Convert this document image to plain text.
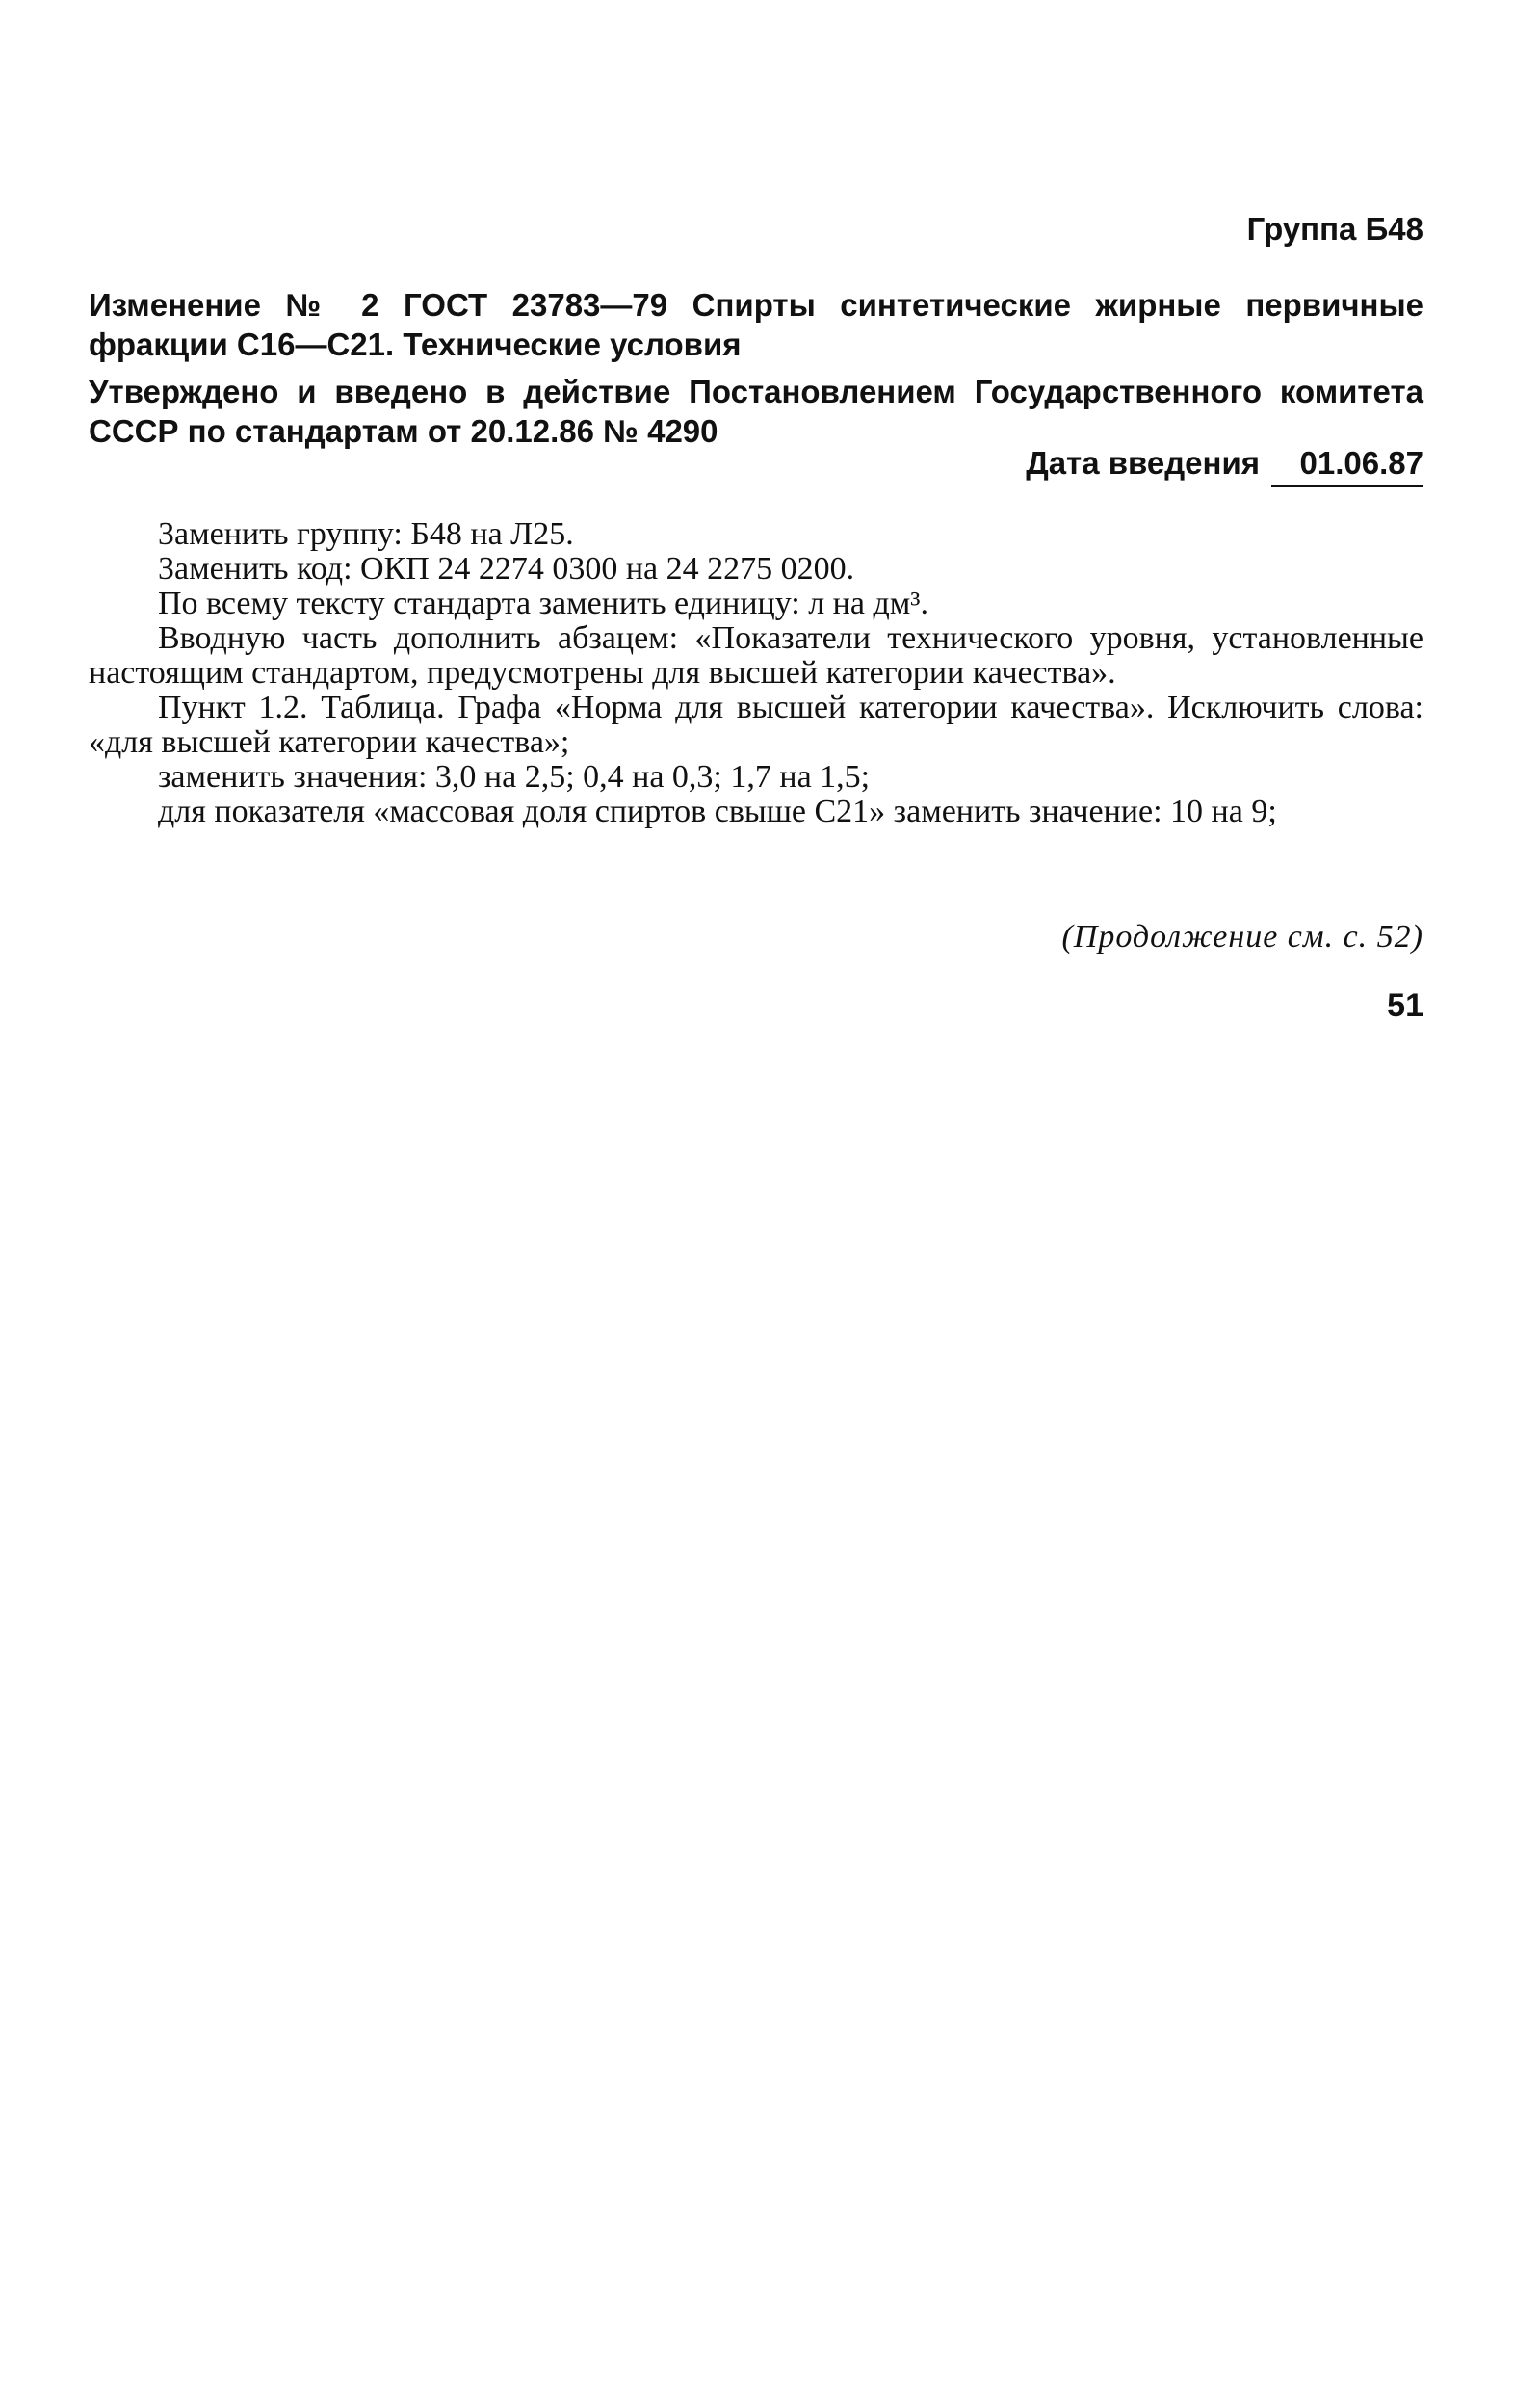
Группа Б48
Изменение № 2 ГОСТ 23783—79 Спирты синтетические жирные первичные фракции C16—C21. Технические условия
Утверждено и введено в действие Постановлением Государственного комитета СССР по стандартам от 20.12.86 № 4290
Дата введения 01.06.87

Заменить группу: Б48 на Л25.

Заменить код: ОКП 24 2274 0300 на 24 2275 0200.

По всему тексту стандарта заменить единицу: л на дм³.

Вводную часть дополнить абзацем: «Показатели технического уровня, установленные настоящим стандартом, предусмотрены для высшей категории качества».

Пункт 1.2. Таблица. Графа «Норма для высшей категории качества». Исключить слова: «для высшей категории качества»;

заменить значения: 3,0 на 2,5; 0,4 на 0,3; 1,7 на 1,5;

для показателя «массовая доля спиртов свыше C21» заменить значение: 10 на 9;

(Продолжение см. с. 52)
51
